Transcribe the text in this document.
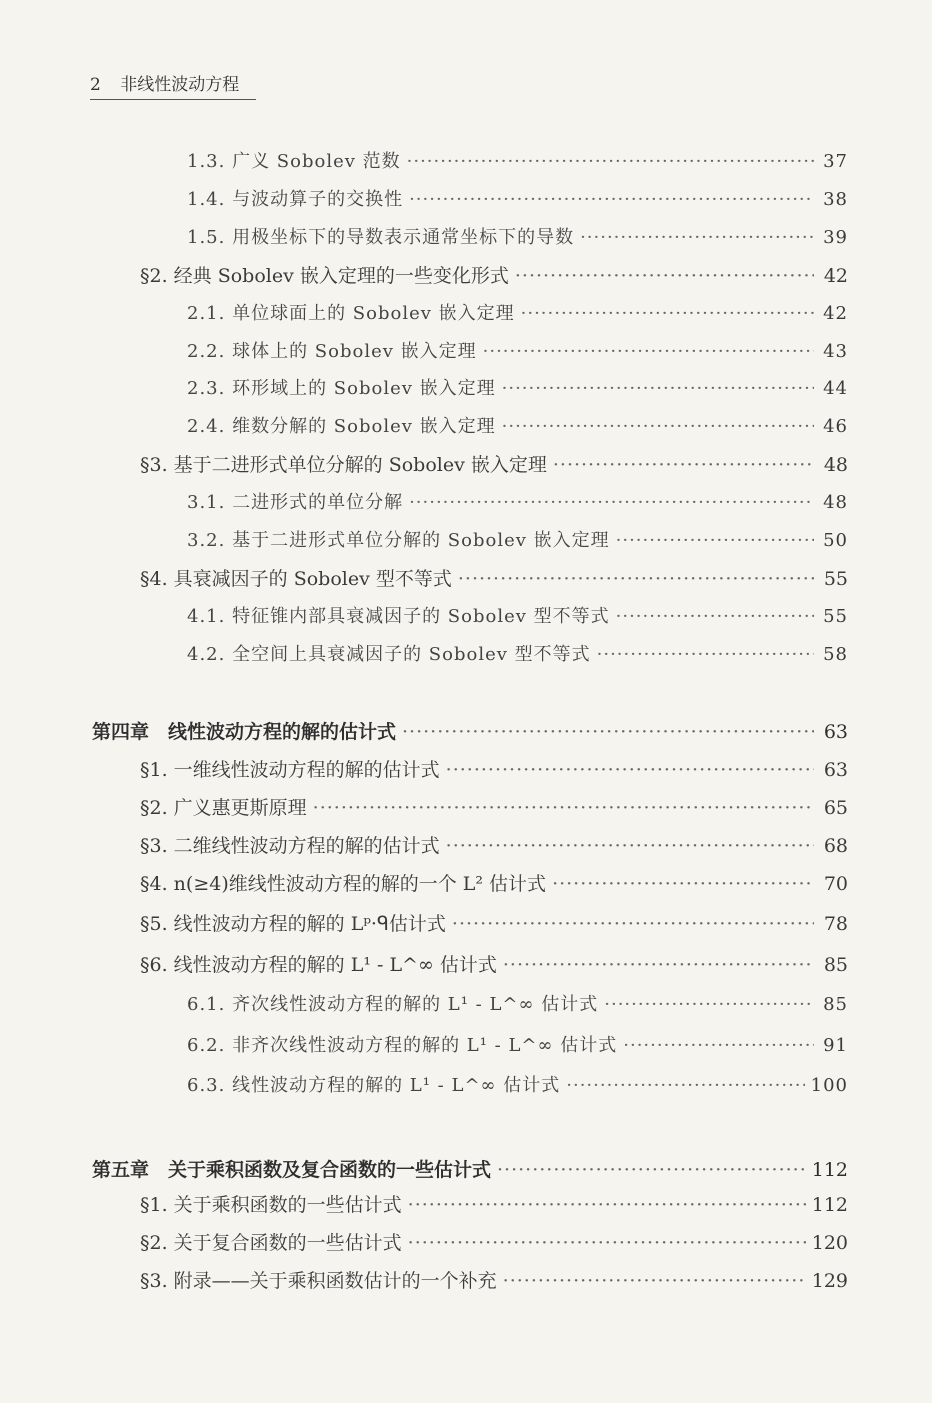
2 非线性波动方程
1.3. 广义 Sobolev 范数 ·····	37
1.4. 与波动算子的交换性 ·····	38
1.5. 用极坐标下的导数表示通常坐标下的导数 ·····	39
§2. 经典 Sobolev 嵌入定理的一些变化形式 ·····	42
2.1. 单位球面上的 Sobolev 嵌入定理 ·····	42
2.2. 球体上的 Sobolev 嵌入定理 ·····	43
2.3. 环形域上的 Sobolev 嵌入定理 ·····	44
2.4. 维数分解的 Sobolev 嵌入定理 ·····	46
§3. 基于二进形式单位分解的 Sobolev 嵌入定理 ·····	48
3.1. 二进形式的单位分解 ·····	48
3.2. 基于二进形式单位分解的 Sobolev 嵌入定理 ·····	50
§4. 具衰减因子的 Sobolev 型不等式 ·····	55
4.1. 特征锥内部具衰减因子的 Sobolev 型不等式 ·····	55
4.2. 全空间上具衰减因子的 Sobolev 型不等式 ·····	58
第四章　线性波动方程的解的估计式 ·····	63
§1. 一维线性波动方程的解的估计式 ·····	63
§2. 广义惠更斯原理 ·····	65
§3. 二维线性波动方程的解的估计式 ·····	68
§4. n(≥4)维线性波动方程的解的一个 L² 估计式 ·····	70
§5. 线性波动方程的解的 Lᵖ·ᑫ估计式 ·····	78
§6. 线性波动方程的解的 L¹ - L^∞ 估计式 ·····	85
6.1. 齐次线性波动方程的解的 L¹ - L^∞ 估计式 ·····	85
6.2. 非齐次线性波动方程的解的 L¹ - L^∞ 估计式 ·····	91
6.3. 线性波动方程的解的 L¹ - L^∞ 估计式 ·····	100
第五章　关于乘积函数及复合函数的一些估计式 ·····	112
§1. 关于乘积函数的一些估计式 ·····	112
§2. 关于复合函数的一些估计式 ·····	120
§3. 附录——关于乘积函数估计的一个补充 ·····	129
